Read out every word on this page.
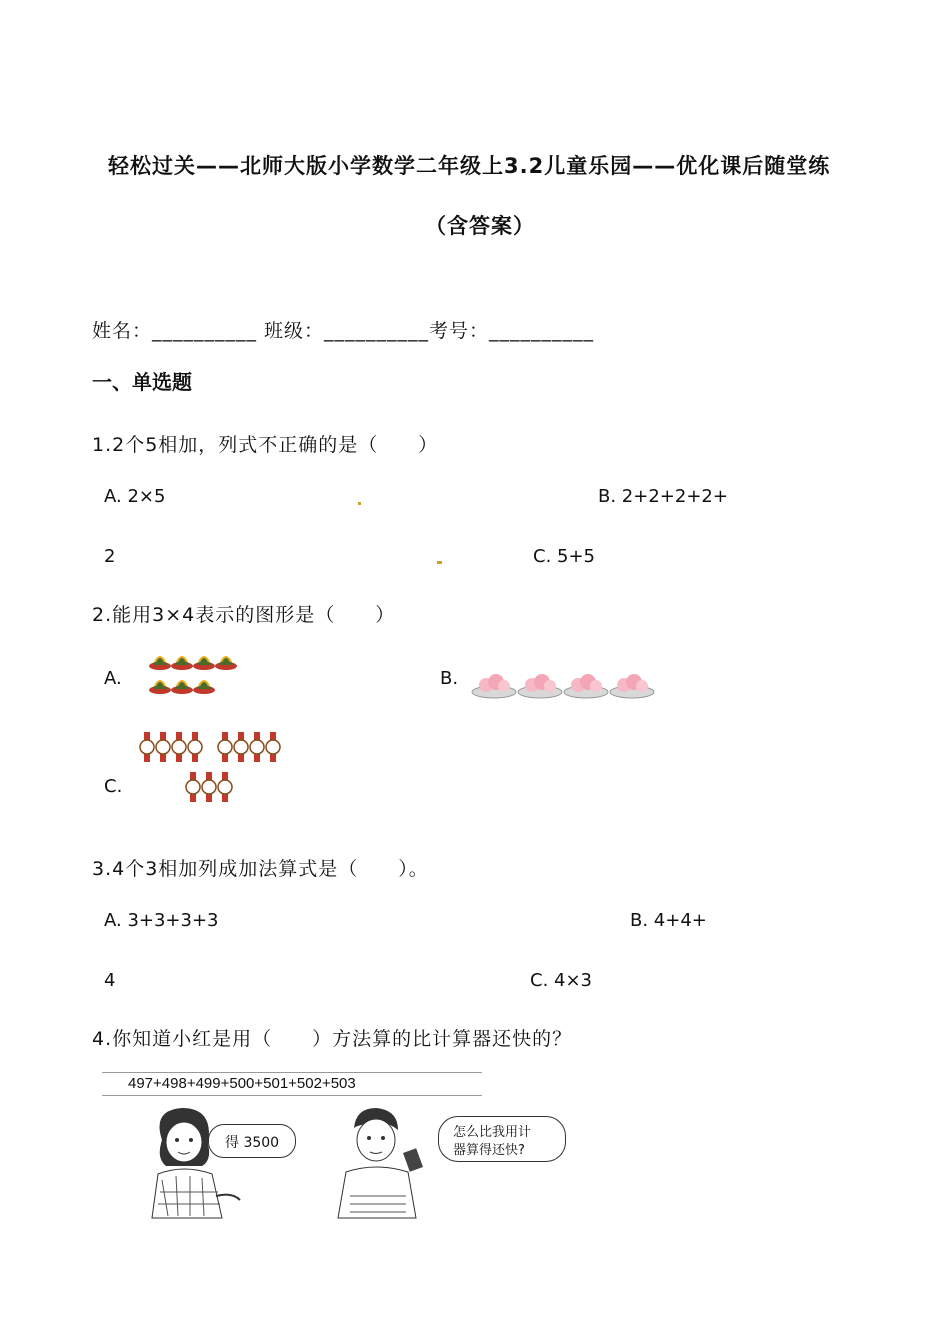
轻松过关——北师大版小学数学二年级上3.2儿童乐园——优化课后随堂练
（含答案）
姓名：__________ 班级：__________考号：__________
一、单选题
1.2个5相加，列式不正确的是（　　）
A. 2×5	B. 2+2+2+2+
2	C. 5+5
2.能用3×4表示的图形是（　　）
A.	B.
C.
3.4个3相加列成加法算式是（　　）。
A. 3+3+3+3	B. 4+4+
4	C. 4×3
4.你知道小红是用（　　）方法算的比计算器还快的？
497+498+499+500+501+502+503
得 3500
怎么比我用计
器算得还快?
